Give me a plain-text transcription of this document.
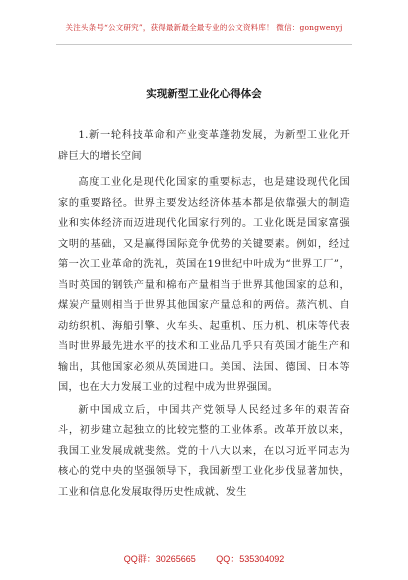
关注头条号“公文研究”，获得最新最全最专业的公文资料库！ 微信：gongwenyj
实现新型工业化心得体会

1.新一轮科技革命和产业变革蓬勃发展，为新型工业化开辟巨大的增长空间

高度工业化是现代化国家的重要标志，也是建设现代化国家的重要路径。世界主要发达经济体基本都是依靠强大的制造业和实体经济而迈进现代化国家行列的。工业化既是国家富强文明的基础，又是赢得国际竞争优势的关键要素。例如，经过第一次工业革命的洗礼，英国在19世纪中叶成为“世界工厂”，当时英国的钢铁产量和棉布产量相当于世界其他国家的总和，煤炭产量则相当于世界其他国家产量总和的两倍。蒸汽机、自动纺织机、海船引擎、火车头、起重机、压力机、机床等代表当时世界最先进水平的技术和工业品几乎只有英国才能生产和输出，其他国家必须从英国进口。美国、法国、德国、日本等国，也在大力发展工业的过程中成为世界强国。

新中国成立后，中国共产党领导人民经过多年的艰苦奋斗，初步建立起独立的比较完整的工业体系。改革开放以来，我国工业发展成就斐然。党的十八大以来，在以习近平同志为核心的党中央的坚强领导下，我国新型工业化步伐显著加快，工业和信息化发展取得历史性成就、发生

QQ群：30265665 QQ：535304092
